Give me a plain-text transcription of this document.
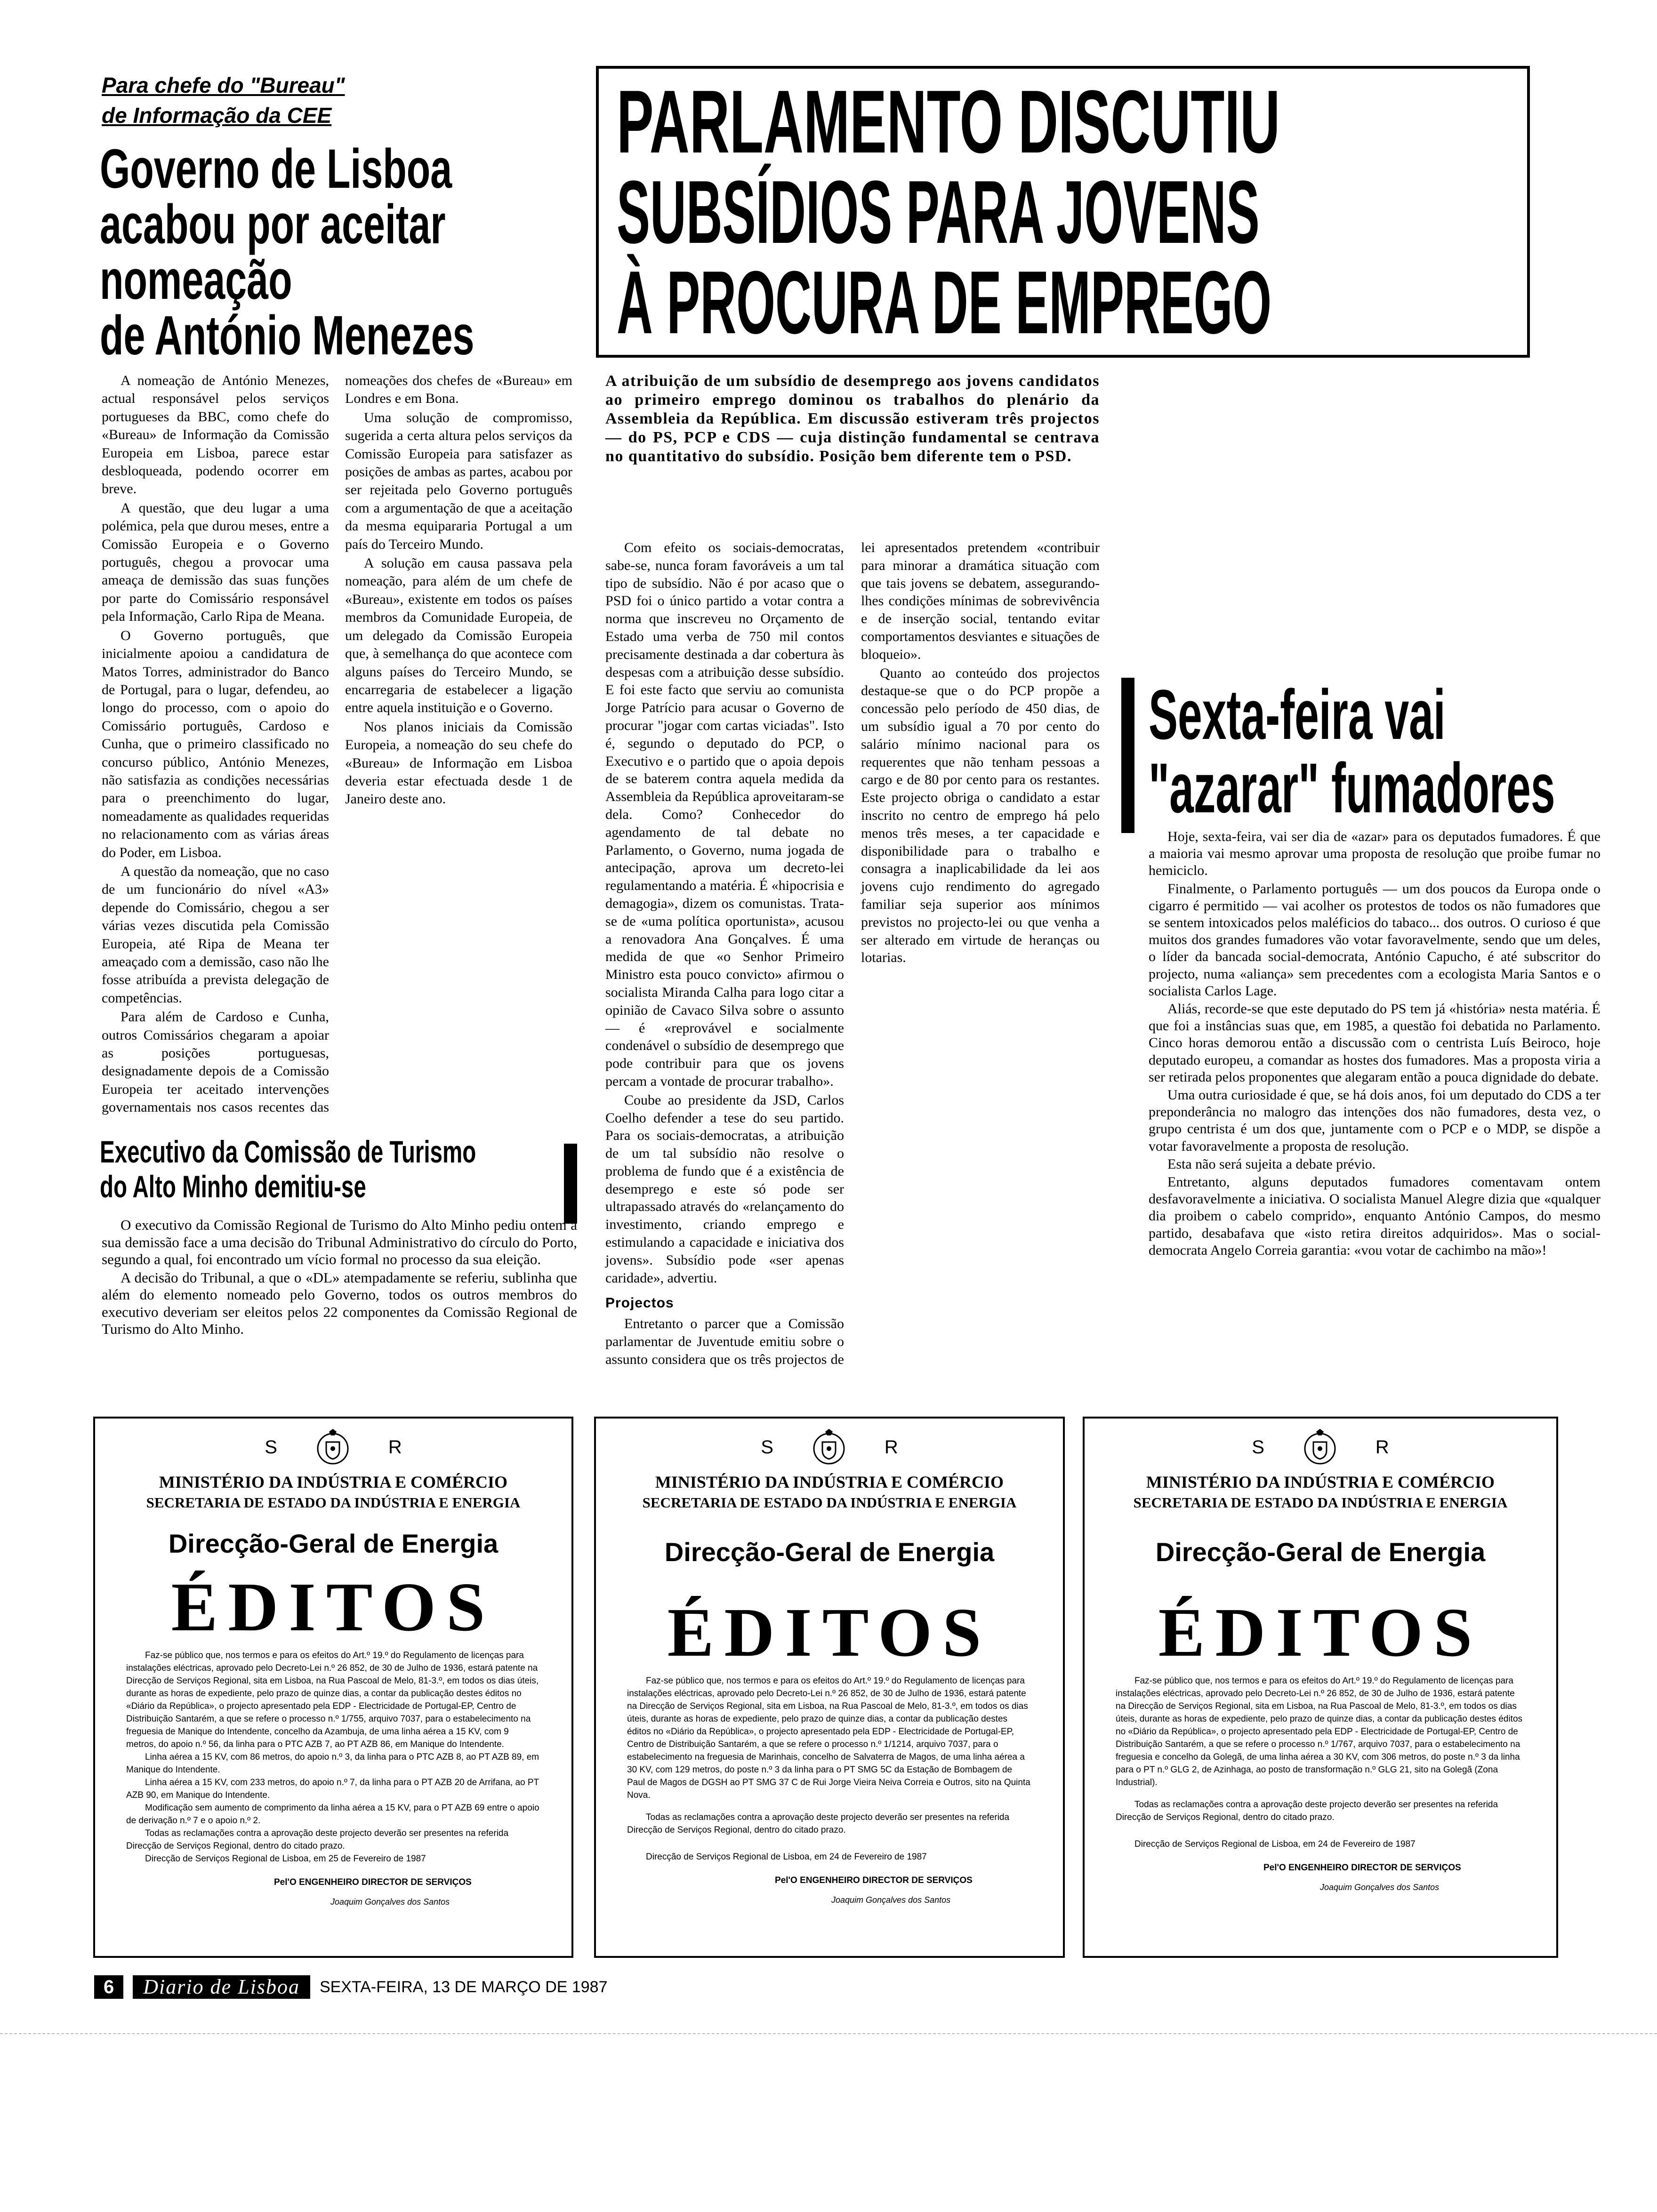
Para chefe do "Bureau"
de Informação da CEE
Governo de Lisboa
acabou por aceitar
nomeação
de António Menezes

A nomeação de António Menezes, actual responsável pelos serviços portugueses da BBC, como chefe do «Bureau» de Informação da Comissão Europeia em Lisboa, parece estar desbloqueada, podendo ocorrer em breve.

A questão, que deu lugar a uma polémica, pela que durou meses, entre a Comissão Europeia e o Governo português, chegou a provocar uma ameaça de demissão das suas funções por parte do Comissário responsável pela Informação, Carlo Ripa de Meana.

O Governo português, que inicialmente apoiou a candidatura de Matos Torres, administrador do Banco de Portugal, para o lugar, defendeu, ao longo do processo, com o apoio do Comissário português, Cardoso e Cunha, que o primeiro classificado no concurso público, António Menezes, não satisfazia as condições necessárias para o preenchimento do lugar, nomeadamente as qualidades requeridas no relacionamento com as várias áreas do Poder, em Lisboa.

A questão da nomeação, que no caso de um funcionário do nível «A3» depende do Comissário, chegou a ser várias vezes discutida pela Comissão Europeia, até Ripa de Meana ter ameaçado com a demissão, caso não lhe fosse atribuída a prevista delegação de competências.

Para além de Cardoso e Cunha, outros Comissários chegaram a apoiar as posições portuguesas, designadamente depois de a Comissão Europeia ter aceitado intervenções governamentais nos casos recentes das nomeações dos chefes de «Bureau» em Londres e em Bona.

Uma solução de compromisso, sugerida a certa altura pelos serviços da Comissão Europeia para satisfazer as posições de ambas as partes, acabou por ser rejeitada pelo Governo português com a argumentação de que a aceitação da mesma equipararia Portugal a um país do Terceiro Mundo.

A solução em causa passava pela nomeação, para além de um chefe de «Bureau», existente em todos os países membros da Comunidade Europeia, de um delegado da Comissão Europeia que, à semelhança do que acontece com alguns países do Terceiro Mundo, se encarregaria de estabelecer a ligação entre aquela instituição e o Governo.

Nos planos iniciais da Comissão Europeia, a nomeação do seu chefe do «Bureau» de Informação em Lisboa deveria estar efectuada desde 1 de Janeiro deste ano.

Executivo da Comissão de Turismo
do Alto Minho demitiu-se

O executivo da Comissão Regional de Turismo do Alto Minho pediu ontem a sua demissão face a uma decisão do Tribunal Administrativo do círculo do Porto, segundo a qual, foi encontrado um vício formal no processo da sua eleição.

A decisão do Tribunal, a que o «DL» atempadamente se referiu, sublinha que além do elemento nomeado pelo Governo, todos os outros membros do executivo deveriam ser eleitos pelos 22 componentes da Comissão Regional de Turismo do Alto Minho.

PARLAMENTO DISCUTIU
SUBSÍDIOS PARA JOVENS
À PROCURA DE EMPREGO
A atribuição de um subsídio de desemprego aos jovens candidatos ao primeiro emprego dominou os trabalhos do plenário da Assembleia da República. Em discussão estiveram três projectos — do PS, PCP e CDS — cuja distinção fundamental se centrava no quantitativo do subsídio. Posição bem diferente tem o PSD.

Com efeito os sociais-democratas, sabe-se, nunca foram favoráveis a um tal tipo de subsídio. Não é por acaso que o PSD foi o único partido a votar contra a norma que inscreveu no Orçamento de Estado uma verba de 750 mil contos precisamente destinada a dar cobertura às despesas com a atribuição desse subsídio. E foi este facto que serviu ao comunista Jorge Patrício para acusar o Governo de procurar "jogar com cartas viciadas". Isto é, segundo o deputado do PCP, o Executivo e o partido que o apoia depois de se baterem contra aquela medida da Assembleia da República aproveitaram-se dela. Como? Conhecedor do agendamento de tal debate no Parlamento, o Governo, numa jogada de antecipação, aprova um decreto-lei regulamentando a matéria. É «hipocrisia e demagogia», dizem os comunistas. Trata-se de «uma política oportunista», acusou a renovadora Ana Gonçalves. É uma medida de que «o Senhor Primeiro Ministro esta pouco convicto» afirmou o socialista Miranda Calha para logo citar a opinião de Cavaco Silva sobre o assunto — é «reprovável e socialmente condenável o subsídio de desemprego que pode contribuir para que os jovens percam a vontade de procurar trabalho».

Coube ao presidente da JSD, Carlos Coelho defender a tese do seu partido. Para os sociais-democratas, a atribuição de um tal subsídio não resolve o problema de fundo que é a existência de desemprego e este só pode ser ultrapassado através do «relançamento do investimento, criando emprego e estimulando a capacidade e iniciativa dos jovens». Subsídio pode «ser apenas caridade», advertiu.

Projectos

Entretanto o parcer que a Comissão parlamentar de Juventude emitiu sobre o assunto considera que os três projectos de lei apresentados pretendem «contribuir para minorar a dramática situação com que tais jovens se debatem, assegurando-lhes condições mínimas de sobrevivência e de inserção social, tentando evitar comportamentos desviantes e situações de bloqueio».

Quanto ao conteúdo dos projectos destaque-se que o do PCP propõe a concessão pelo período de 450 dias, de um subsídio igual a 70 por cento do salário mínimo nacional para os requerentes que não tenham pessoas a cargo e de 80 por cento para os restantes. Este projecto obriga o candidato a estar inscrito no centro de emprego há pelo menos três meses, a ter capacidade e disponibilidade para o trabalho e consagra a inaplicabilidade da lei aos jovens cujo rendimento do agregado familiar seja superior aos mínimos previstos no projecto-lei ou que venha a ser alterado em virtude de heranças ou lotarias.

Sexta-feira vai
"azarar" fumadores

Hoje, sexta-feira, vai ser dia de «azar» para os deputados fumadores. É que a maioria vai mesmo aprovar uma proposta de resolução que proibe fumar no hemiciclo.

Finalmente, o Parlamento português — um dos poucos da Europa onde o cigarro é permitido — vai acolher os protestos de todos os não fumadores que se sentem intoxicados pelos maléficios do tabaco... dos outros. O curioso é que muitos dos grandes fumadores vão votar favoravelmente, sendo que um deles, o líder da bancada social-democrata, António Capucho, é até subscritor do projecto, numa «aliança» sem precedentes com a ecologista Maria Santos e o socialista Carlos Lage.

Aliás, recorde-se que este deputado do PS tem já «história» nesta matéria. É que foi a instâncias suas que, em 1985, a questão foi debatida no Parlamento. Cinco horas demorou então a discussão com o centrista Luís Beiroco, hoje deputado europeu, a comandar as hostes dos fumadores. Mas a proposta viria a ser retirada pelos proponentes que alegaram então a pouca dignidade do debate.

Uma outra curiosidade é que, se há dois anos, foi um deputado do CDS a ter preponderância no malogro das intenções dos não fumadores, desta vez, o grupo centrista é um dos que, juntamente com o PCP e o MDP, se dispõe a votar favoravelmente a proposta de resolução.

Esta não será sujeita a debate prévio.

Entretanto, alguns deputados fumadores comentavam ontem desfavoravelmente a iniciativa. O socialista Manuel Alegre dizia que «qualquer dia proibem o cabelo comprido», enquanto António Campos, do mesmo partido, desabafava que «isto retira direitos adquiridos». Mas o social-democrata Angelo Correia garantia: «vou votar de cachimbo na mão»!

S	R
MINISTÉRIO DA INDÚSTRIA E COMÉRCIO
SECRETARIA DE ESTADO DA INDÚSTRIA E ENERGIA
Direcção-Geral de Energia
ÉDITOS

Faz-se público que, nos termos e para os efeitos do Art.º 19.º do Regulamento de licenças para instalações eléctricas, aprovado pelo Decreto-Lei n.º 26 852, de 30 de Julho de 1936, estará patente na Direcção de Serviços Regional, sita em Lisboa, na Rua Pascoal de Melo, 81-3.º, em todos os dias úteis, durante as horas de expediente, pelo prazo de quinze dias, a contar da publicação destes éditos no «Diário da República», o projecto apresentado pela EDP - Electricidade de Portugal-EP, Centro de Distribuição Santarém, a que se refere o processo n.º 1/755, arquivo 7037, para o estabelecimento na freguesia de Manique do Intendente, concelho da Azambuja, de uma linha aérea a 15 KV, com 9 metros, do apoio n.º 56, da linha para o PTC AZB 7, ao PT AZB 86, em Manique do Intendente.

Linha aérea a 15 KV, com 86 metros, do apoio n.º 3, da linha para o PTC AZB 8, ao PT AZB 89, em Manique do Intendente.

Linha aérea a 15 KV, com 233 metros, do apoio n.º 7, da linha para o PT AZB 20 de Arrifana, ao PT AZB 90, em Manique do Intendente.

Modificação sem aumento de comprimento da linha aérea a 15 KV, para o PT AZB 69 entre o apoio de derivação n.º 7 e o apoio n.º 2.

Todas as reclamações contra a aprovação deste projecto deverão ser presentes na referida Direcção de Serviços Regional, dentro do citado prazo.

Direcção de Serviços Regional de Lisboa, em 25 de Fevereiro de 1987

Pel'O ENGENHEIRO DIRECTOR DE SERVIÇOS
Joaquim Gonçalves dos Santos
S	R
MINISTÉRIO DA INDÚSTRIA E COMÉRCIO
SECRETARIA DE ESTADO DA INDÚSTRIA E ENERGIA
Direcção-Geral de Energia
ÉDITOS

Faz-se público que, nos termos e para os efeitos do Art.º 19.º do Regulamento de licenças para instalações eléctricas, aprovado pelo Decreto-Lei n.º 26 852, de 30 de Julho de 1936, estará patente na Direcção de Serviços Regional, sita em Lisboa, na Rua Pascoal de Melo, 81-3.º, em todos os dias úteis, durante as horas de expediente, pelo prazo de quinze dias, a contar da publicação destes éditos no «Diário da República», o projecto apresentado pela EDP - Electricidade de Portugal-EP, Centro de Distribuição Santarém, a que se refere o processo n.º 1/1214, arquivo 7037, para o estabelecimento na freguesia de Marinhais, concelho de Salvaterra de Magos, de uma linha aérea a 30 KV, com 129 metros, do poste n.º 3 da linha para o PT SMG 5C da Estação de Bombagem de Paul de Magos de DGSH ao PT SMG 37 C de Rui Jorge Vieira Neiva Correia e Outros, sito na Quinta Nova.

Todas as reclamações contra a aprovação deste projecto deverão ser presentes na referida Direcção de Serviços Regional, dentro do citado prazo.

Direcção de Serviços Regional de Lisboa, em 24 de Fevereiro de 1987

Pel'O ENGENHEIRO DIRECTOR DE SERVIÇOS
Joaquim Gonçalves dos Santos
S	R
MINISTÉRIO DA INDÚSTRIA E COMÉRCIO
SECRETARIA DE ESTADO DA INDÚSTRIA E ENERGIA
Direcção-Geral de Energia
ÉDITOS

Faz-se público que, nos termos e para os efeitos do Art.º 19.º do Regulamento de licenças para instalações eléctricas, aprovado pelo Decreto-Lei n.º 26 852, de 30 de Julho de 1936, estará patente na Direcção de Serviços Regional, sita em Lisboa, na Rua Pascoal de Melo, 81-3.º, em todos os dias úteis, durante as horas de expediente, pelo prazo de quinze dias, a contar da publicação destes éditos no «Diário da República», o projecto apresentado pela EDP - Electricidade de Portugal-EP, Centro de Distribuição Santarém, a que se refere o processo n.º 1/767, arquivo 7037, para o estabelecimento na freguesia e concelho da Golegã, de uma linha aérea a 30 KV, com 306 metros, do poste n.º 3 da linha para o PT n.º GLG 2, de Azinhaga, ao posto de transformação n.º GLG 21, sito na Golegã (Zona Industrial).

Todas as reclamações contra a aprovação deste projecto deverão ser presentes na referida Direcção de Serviços Regional, dentro do citado prazo.

Direcção de Serviços Regional de Lisboa, em 24 de Fevereiro de 1987

Pel'O ENGENHEIRO DIRECTOR DE SERVIÇOS
Joaquim Gonçalves dos Santos
6	Diario de Lisboa	SEXTA-FEIRA, 13 DE MARÇO DE 1987
